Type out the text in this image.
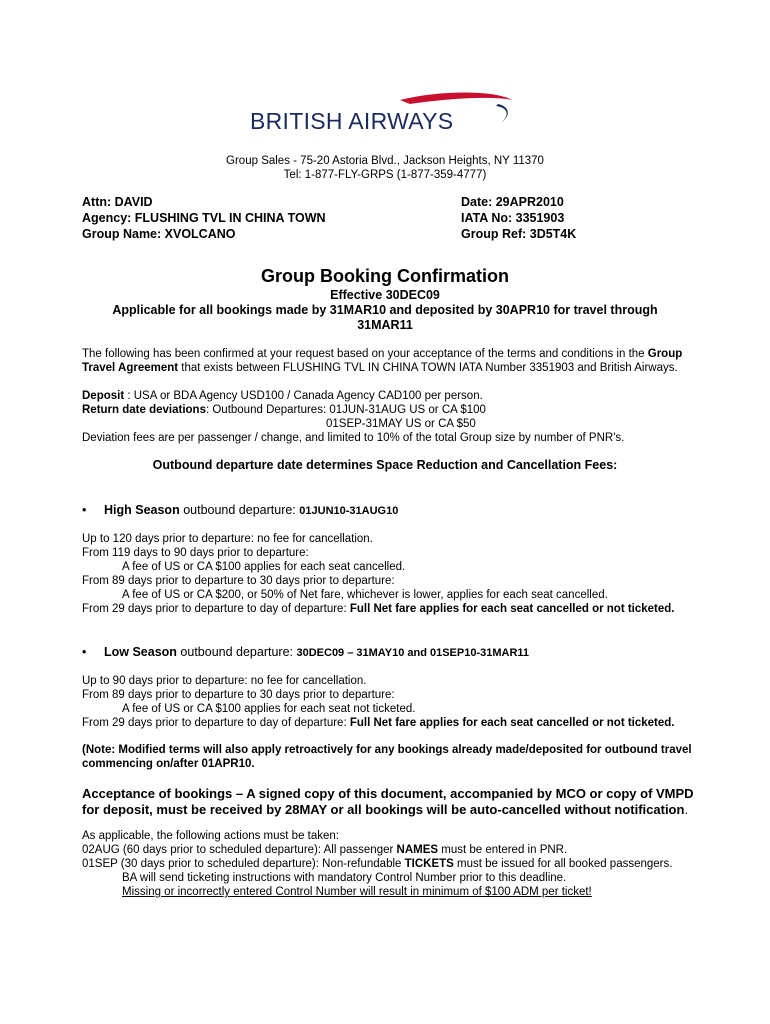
BRITISH AIRWAYS
Group Sales - 75-20 Astoria Blvd., Jackson Heights, NY 11370
Tel: 1-877-FLY-GRPS (1-877-359-4777)
Attn: DAVID
Agency: FLUSHING TVL IN CHINA TOWN
Group Name: XVOLCANO
Date: 29APR2010
IATA No: 3351903
Group Ref: 3D5T4K
Group Booking Confirmation
Effective 30DEC09
Applicable for all bookings made by 31MAR10 and deposited by 30APR10 for travel through
31MAR11
The following has been confirmed at your request based on your acceptance of the terms and conditions in the Group
Travel Agreement that exists between FLUSHING TVL IN CHINA TOWN IATA Number 3351903 and British Airways.

Deposit : USA or BDA Agency USD100 / Canada Agency CAD100 per person.

Return date deviations: Outbound Departures: 01JUN-31AUG US or CA $100

01SEP-31MAY US or CA $50

Deviation fees are per passenger / change, and limited to 10% of the total Group size by number of PNR's.

Outbound departure date determines Space Reduction and Cancellation Fees:
• High Season outbound departure: 01JUN10-31AUG10

Up to 120 days prior to departure: no fee for cancellation.

From 119 days to 90 days prior to departure:

A fee of US or CA $100 applies for each seat cancelled.

From 89 days prior to departure to 30 days prior to departure:

A fee of US or CA $200, or 50% of Net fare, whichever is lower, applies for each seat cancelled.

From 29 days prior to departure to day of departure: Full Net fare applies for each seat cancelled or not ticketed.

• Low Season outbound departure: 30DEC09 – 31MAY10 and 01SEP10-31MAR11

Up to 90 days prior to departure: no fee for cancellation.

From 89 days prior to departure to 30 days prior to departure:

A fee of US or CA $100 applies for each seat not ticketed.

From 29 days prior to departure to day of departure: Full Net fare applies for each seat cancelled or not ticketed.

(Note: Modified terms will also apply retroactively for any bookings already made/deposited for outbound travel commencing on/after 01APR10.
Acceptance of bookings – A signed copy of this document, accompanied by MCO or copy of VMPD for deposit, must be received by 28MAY or all bookings will be auto-cancelled without notification.

As applicable, the following actions must be taken:

02AUG (60 days prior to scheduled departure): All passenger NAMES must be entered in PNR.

01SEP (30 days prior to scheduled departure): Non-refundable TICKETS must be issued for all booked passengers.

BA will send ticketing instructions with mandatory Control Number prior to this deadline.

Missing or incorrectly entered Control Number will result in minimum of $100 ADM per ticket!
